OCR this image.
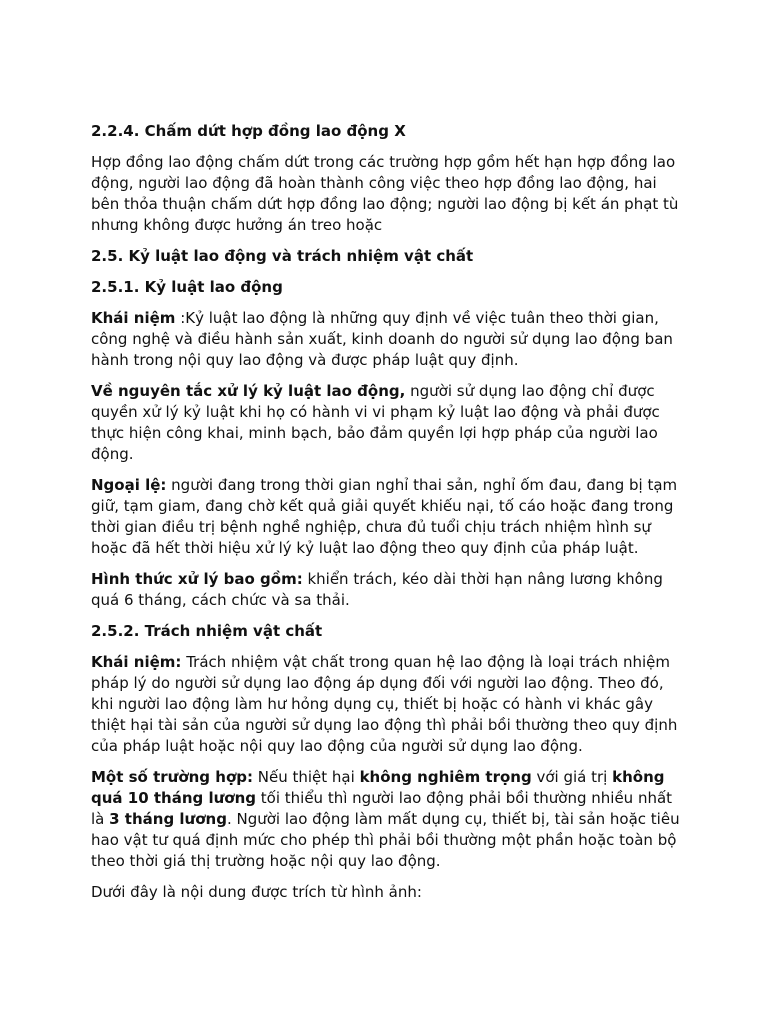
2.2.4. Chấm dứt hợp đồng lao động X

Hợp đồng lao động chấm dứt trong các trường hợp gồm hết hạn hợp đồng lao động, người lao động đã hoàn thành công việc theo hợp đồng lao động, hai bên thỏa thuận chấm dứt hợp đồng lao động; người lao động bị kết án phạt tù nhưng không được hưởng án treo hoặc

2.5. Kỷ luật lao động và trách nhiệm vật chất
2.5.1. Kỷ luật lao động

Khái niệm :Kỷ luật lao động là những quy định về việc tuân theo thời gian, công nghệ và điều hành sản xuất, kinh doanh do người sử dụng lao động ban hành trong nội quy lao động và được pháp luật quy định.

Về nguyên tắc xử lý kỷ luật lao động, người sử dụng lao động chỉ được quyền xử lý kỷ luật khi họ có hành vi vi phạm kỷ luật lao động và phải được thực hiện công khai, minh bạch, bảo đảm quyền lợi hợp pháp của người lao động.

Ngoại lệ: người đang trong thời gian nghỉ thai sản, nghỉ ốm đau, đang bị tạm giữ, tạm giam, đang chờ kết quả giải quyết khiếu nại, tố cáo hoặc đang trong thời gian điều trị bệnh nghề nghiệp, chưa đủ tuổi chịu trách nhiệm hình sự hoặc đã hết thời hiệu xử lý kỷ luật lao động theo quy định của pháp luật.

Hình thức xử lý bao gồm: khiển trách, kéo dài thời hạn nâng lương không quá 6 tháng, cách chức và sa thải.

2.5.2. Trách nhiệm vật chất

Khái niệm: Trách nhiệm vật chất trong quan hệ lao động là loại trách nhiệm pháp lý do người sử dụng lao động áp dụng đối với người lao động. Theo đó, khi người lao động làm hư hỏng dụng cụ, thiết bị hoặc có hành vi khác gây thiệt hại tài sản của người sử dụng lao động thì phải bồi thường theo quy định của pháp luật hoặc nội quy lao động của người sử dụng lao động.

Một số trường hợp: Nếu thiệt hại không nghiêm trọng với giá trị không quá 10 tháng lương tối thiểu thì người lao động phải bồi thường nhiều nhất là 3 tháng lương. Người lao động làm mất dụng cụ, thiết bị, tài sản hoặc tiêu hao vật tư quá định mức cho phép thì phải bồi thường một phần hoặc toàn bộ theo thời giá thị trường hoặc nội quy lao động.

Dưới đây là nội dung được trích từ hình ảnh:
